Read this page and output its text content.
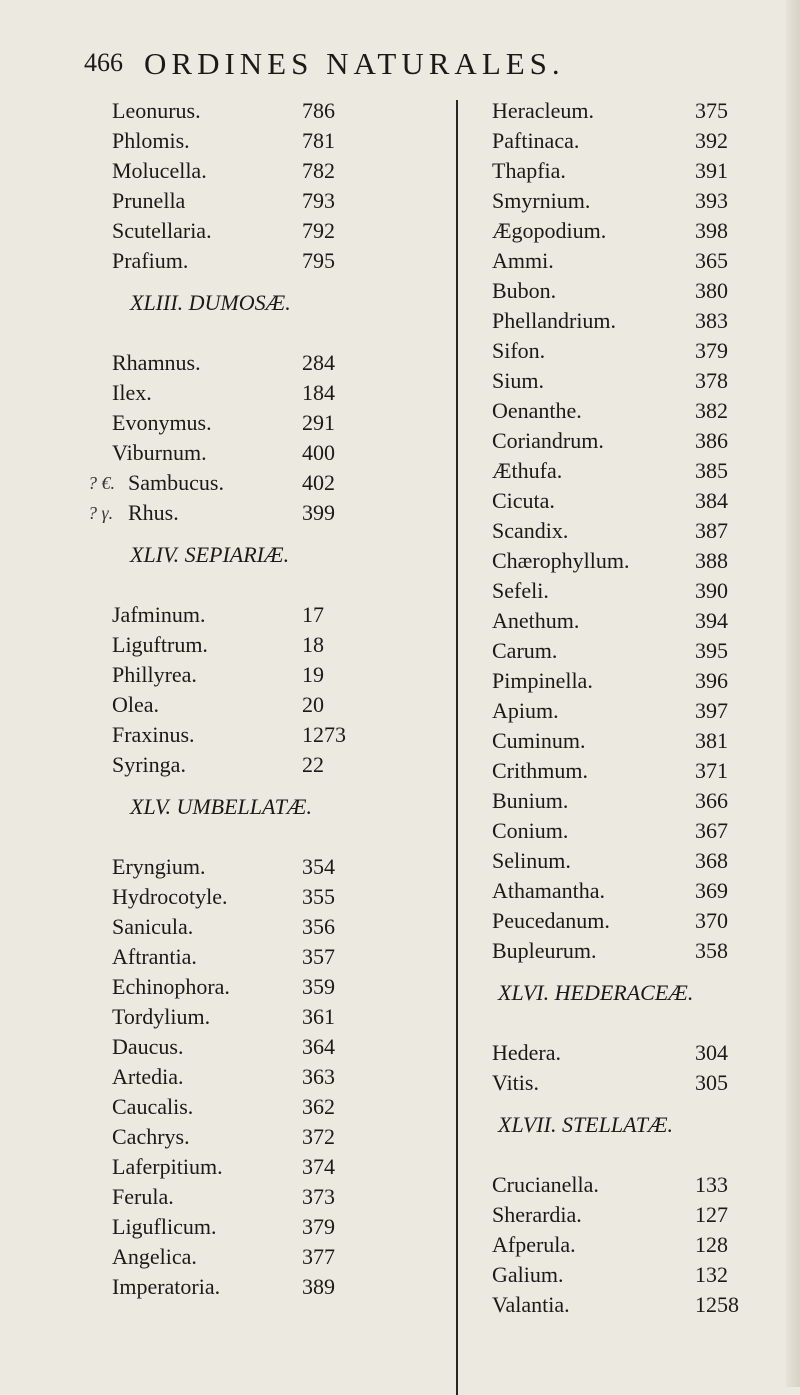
466 ORDINES NATURALES.
Leonurus.	786
Phlomis.	781
Molucella.	782
Prunella	793
Scutellaria.	792
Prafium.	795
XLIII. DUMOSÆ.
Rhamnus.	284
Ilex.	184
Evonymus.	291
Viburnum.	400
? €. Sambucus.	402
? γ. Rhus.	399
XLIV. SEPIARIÆ.
Jafminum.	17
Liguftrum.	18
Phillyrea.	19
Olea.	20
Fraxinus.	1273
Syringa.	22
XLV. UMBELLATÆ.
Eryngium.	354
Hydrocotyle.	355
Sanicula.	356
Aftrantia.	357
Echinophora.	359
Tordylium.	361
Daucus.	364
Artedia.	363
Caucalis.	362
Cachrys.	372
Laferpitium.	374
Ferula.	373
Liguflicum.	379
Angelica.	377
Imperatoria.	389
Heracleum.	375
Paftinaca.	392
Thapfia.	391
Smyrnium.	393
Ægopodium.	398
Ammi.	365
Bubon.	380
Phellandrium.	383
Sifon.	379
Sium.	378
Oenanthe.	382
Coriandrum.	386
Æthufa.	385
Cicuta.	384
Scandix.	387
Chærophyllum.	388
Sefeli.	390
Anethum.	394
Carum.	395
Pimpinella.	396
Apium.	397
Cuminum.	381
Crithmum.	371
Bunium.	366
Conium.	367
Selinum.	368
Athamantha.	369
Peucedanum.	370
Bupleurum.	358
XLVI. HEDERACEÆ.
Hedera.	304
Vitis.	305
XLVII. STELLATÆ.
Crucianella.	133
Sherardia.	127
Afperula.	128
Galium.	132
Valantia.	1258
